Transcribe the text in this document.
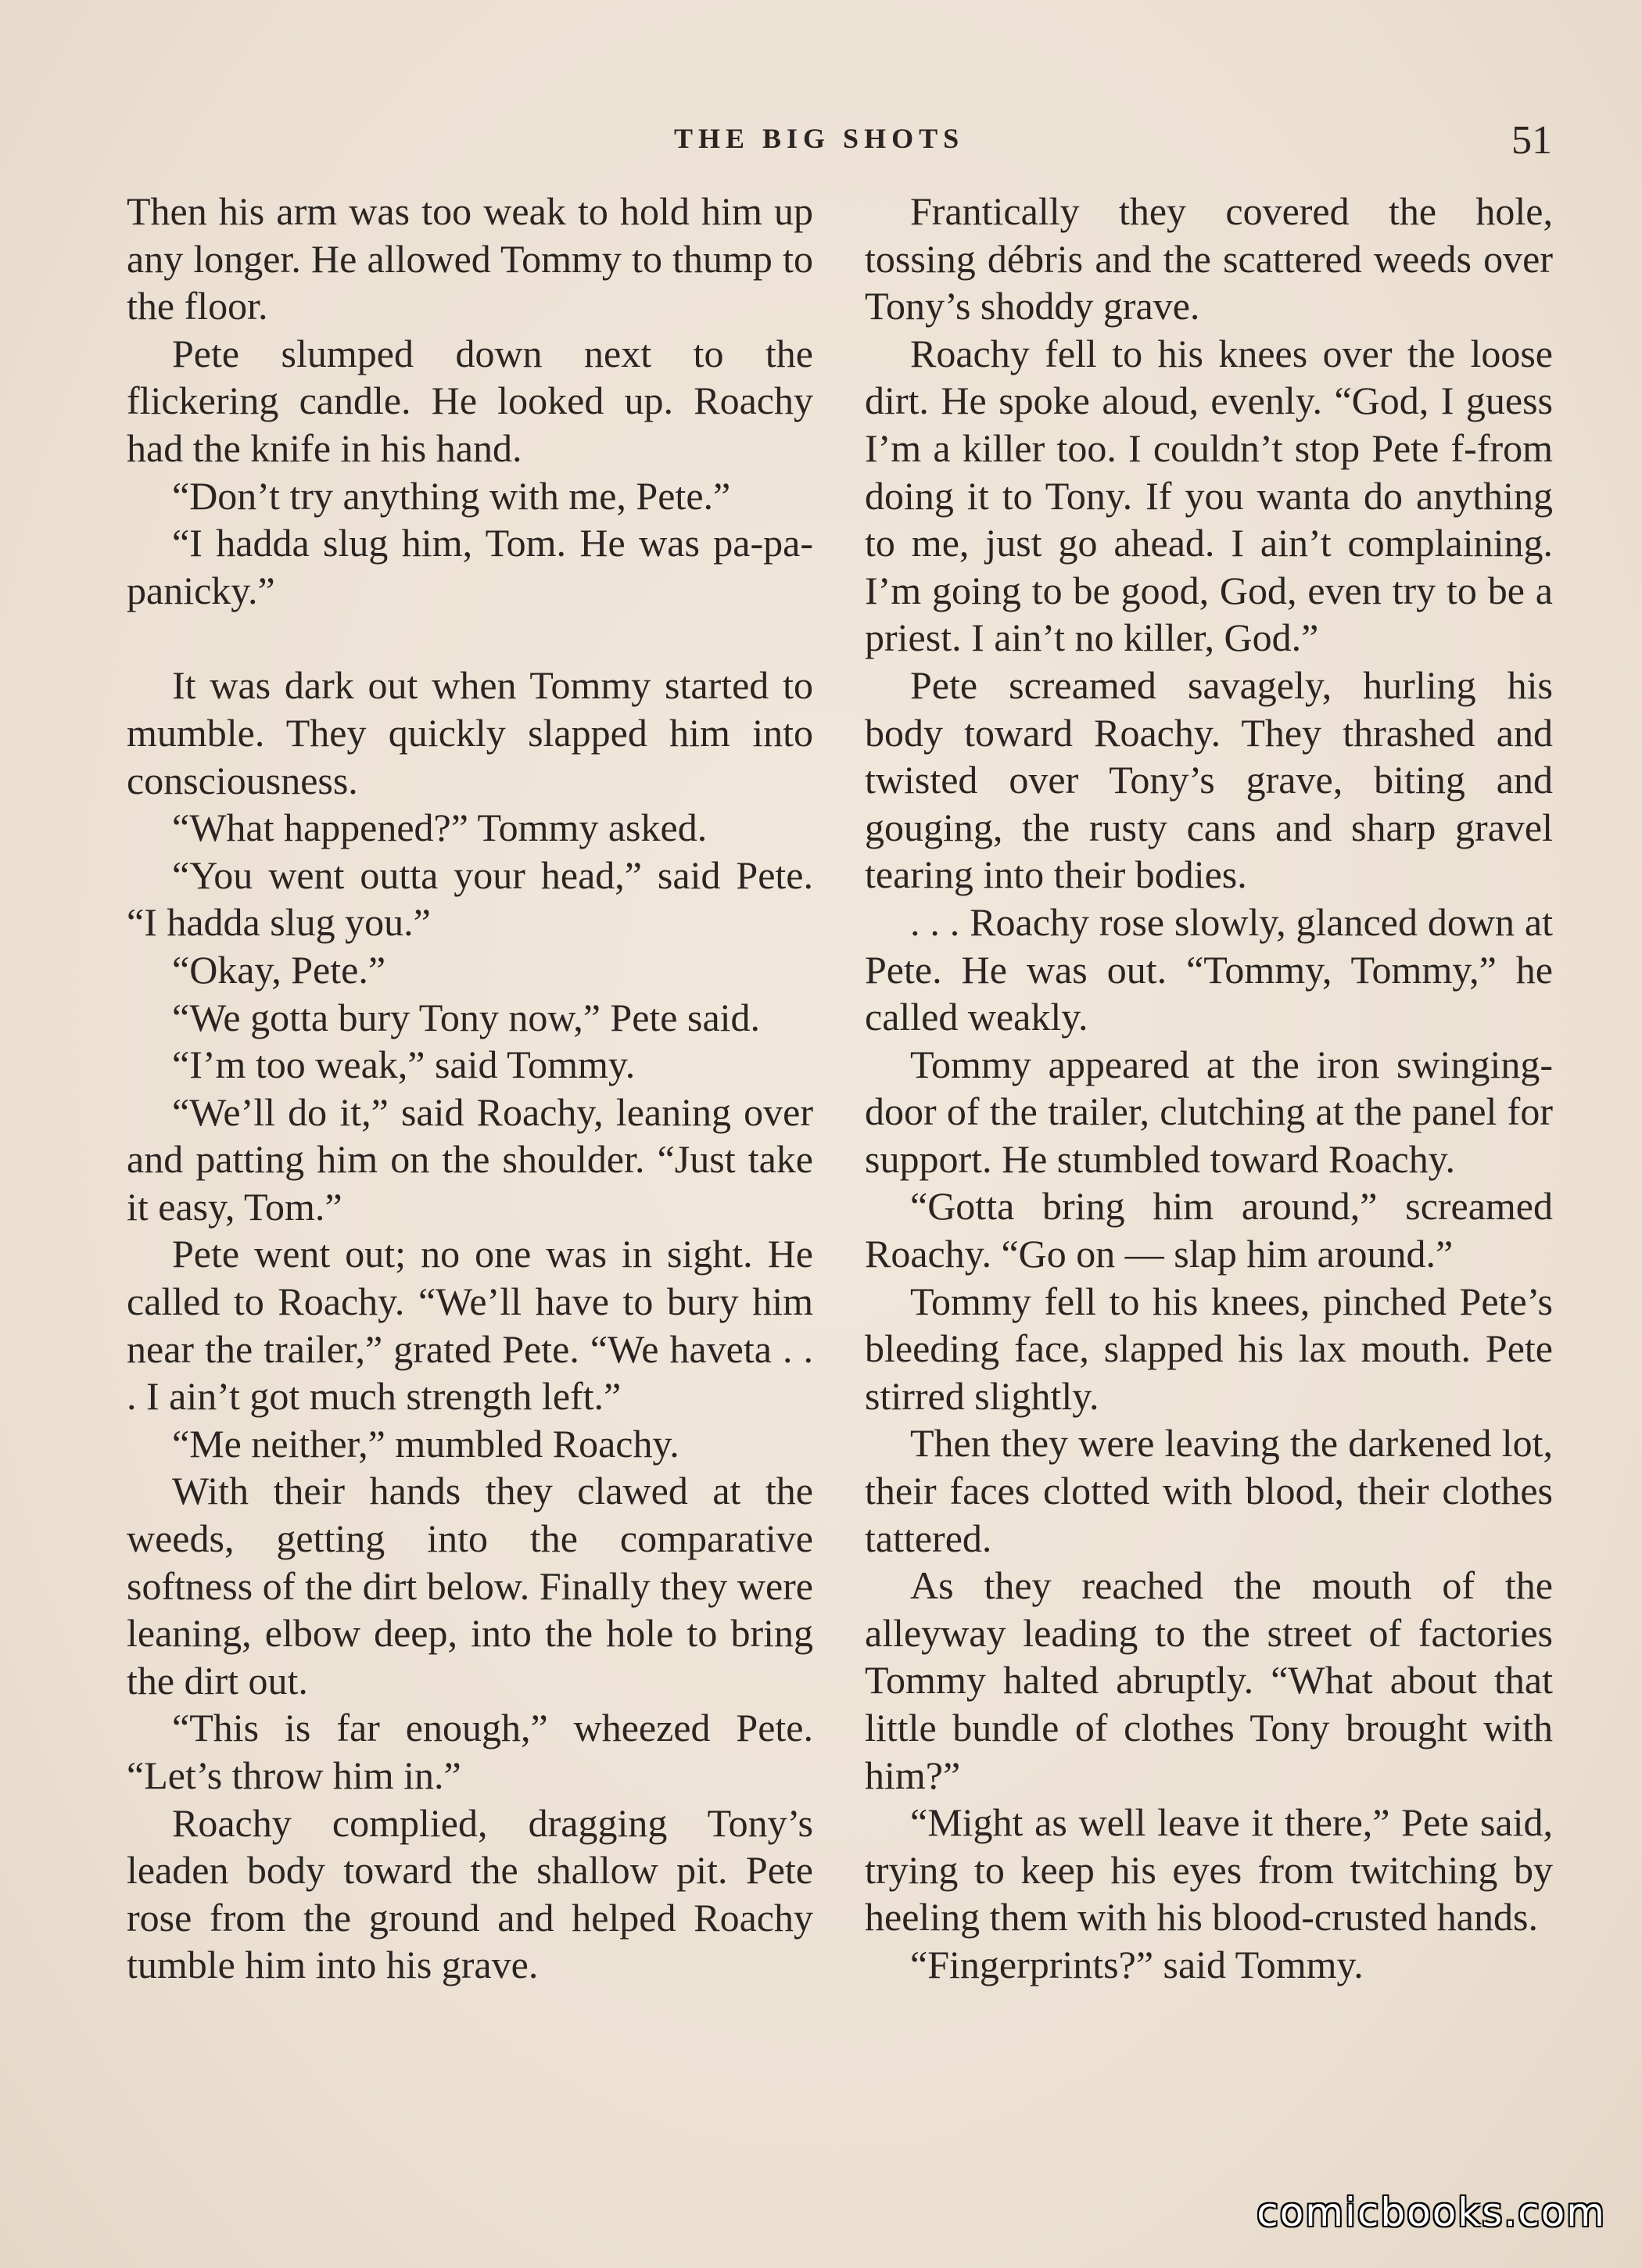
THE BIG SHOTS	51

Then his arm was too weak to hold him up any longer. He allowed Tommy to thump to the floor.

Pete slumped down next to the flickering candle. He looked up. Roachy had the knife in his hand.

“Don’t try anything with me, Pete.”

“I hadda slug him, Tom. He was pa-pa-panicky.”

It was dark out when Tommy started to mumble. They quickly slapped him into consciousness.

“What happened?” Tommy asked.

“You went outta your head,” said Pete. “I hadda slug you.”

“Okay, Pete.”

“We gotta bury Tony now,” Pete said.

“I’m too weak,” said Tommy.

“We’ll do it,” said Roachy, leaning over and patting him on the shoulder. “Just take it easy, Tom.”

Pete went out; no one was in sight. He called to Roachy. “We’ll have to bury him near the trailer,” grated Pete. “We haveta . . . I ain’t got much strength left.”

“Me neither,” mumbled Roachy.

With their hands they clawed at the weeds, getting into the comparative softness of the dirt below. Finally they were leaning, elbow deep, into the hole to bring the dirt out.

“This is far enough,” wheezed Pete. “Let’s throw him in.”

Roachy complied, dragging Tony’s leaden body toward the shallow pit. Pete rose from the ground and helped Roachy tumble him into his grave.

Frantically they covered the hole, tossing débris and the scattered weeds over Tony’s shoddy grave.

Roachy fell to his knees over the loose dirt. He spoke aloud, evenly. “God, I guess I’m a killer too. I couldn’t stop Pete f-from doing it to Tony. If you wanta do anything to me, just go ahead. I ain’t complaining. I’m going to be good, God, even try to be a priest. I ain’t no killer, God.”

Pete screamed savagely, hurling his body toward Roachy. They thrashed and twisted over Tony’s grave, biting and gouging, the rusty cans and sharp gravel tearing into their bodies.

. . . Roachy rose slowly, glanced down at Pete. He was out. “Tommy, Tommy,” he called weakly.

Tommy appeared at the iron swinging-door of the trailer, clutching at the panel for support. He stumbled toward Roachy.

“Gotta bring him around,” screamed Roachy. “Go on — slap him around.”

Tommy fell to his knees, pinched Pete’s bleeding face, slapped his lax mouth. Pete stirred slightly.

Then they were leaving the darkened lot, their faces clotted with blood, their clothes tattered.

As they reached the mouth of the alleyway leading to the street of factories Tommy halted abruptly. “What about that little bundle of clothes Tony brought with him?”

“Might as well leave it there,” Pete said, trying to keep his eyes from twitching by heeling them with his blood-crusted hands.

“Fingerprints?” said Tommy.

comicbooks.com
